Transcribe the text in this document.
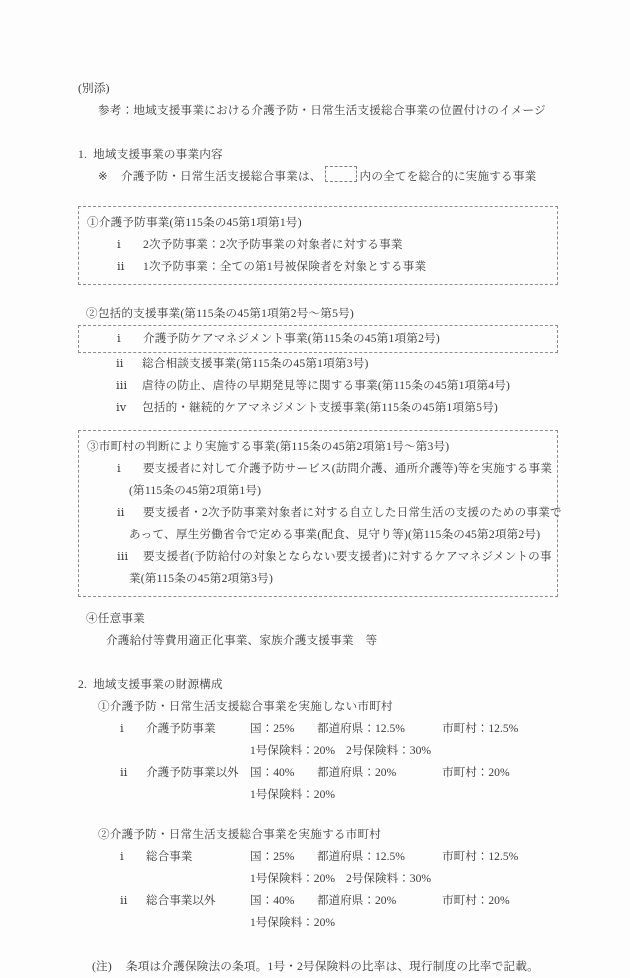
(別添)
参考：地域支援事業における介護予防・日常生活支援総合事業の位置付けのイメージ
1. 地域支援事業の事業内容
※ 介護予防・日常生活支援総合事業は、	内の全てを総合的に実施する事業
①介護予防事業(第115条の45第1項第1号)
ⅰ 2次予防事業：2次予防事業の対象者に対する事業
ⅱ 1次予防事業：全ての第1号被保険者を対象とする事業
②包括的支援事業(第115条の45第1項第2号～第5号)
ⅰ 介護予防ケアマネジメント事業(第115条の45第1項第2号)
ⅱ 総合相談支援事業(第115条の45第1項第3号)
ⅲ 虐待の防止、虐待の早期発見等に関する事業(第115条の45第1項第4号)
ⅳ 包括的・継続的ケアマネジメント支援事業(第115条の45第1項第5号)
③市町村の判断により実施する事業(第115条の45第2項第1号～第3号)
ⅰ 要支援者に対して介護予防サービス(訪問介護、通所介護等)等を実施する事業
(第115条の45第2項第1号)
ⅱ 要支援者・2次予防事業対象者に対する自立した日常生活の支援のための事業で
あって、厚生労働省令で定める事業(配食、見守り等)(第115条の45第2項第2号)
ⅲ 要支援者(予防給付の対象とならない要支援者)に対するケアマネジメントの事
業(第115条の45第2項第3号)
④任意事業
介護給付等費用適正化事業、家族介護支援事業　等
2. 地域支援事業の財源構成
①介護予防・日常生活支援総合事業を実施しない市町村
ⅰ 介護予防事業	国：25% 都道府県：12.5%	市町村：12.5%
1号保険料：20% 2号保険料：30%
ⅱ 介護予防事業以外 国：40% 都道府県：20%	市町村：20%
1号保険料：20%
②介護予防・日常生活支援総合事業を実施する市町村
ⅰ 総合事業	国：25% 都道府県：12.5%	市町村：12.5%
1号保険料：20% 2号保険料：30%
ⅱ 総合事業以外	国：40% 都道府県：20%	市町村：20%
1号保険料：20%
(注) 条項は介護保険法の条項。1号・2号保険料の比率は、現行制度の比率で記載。
